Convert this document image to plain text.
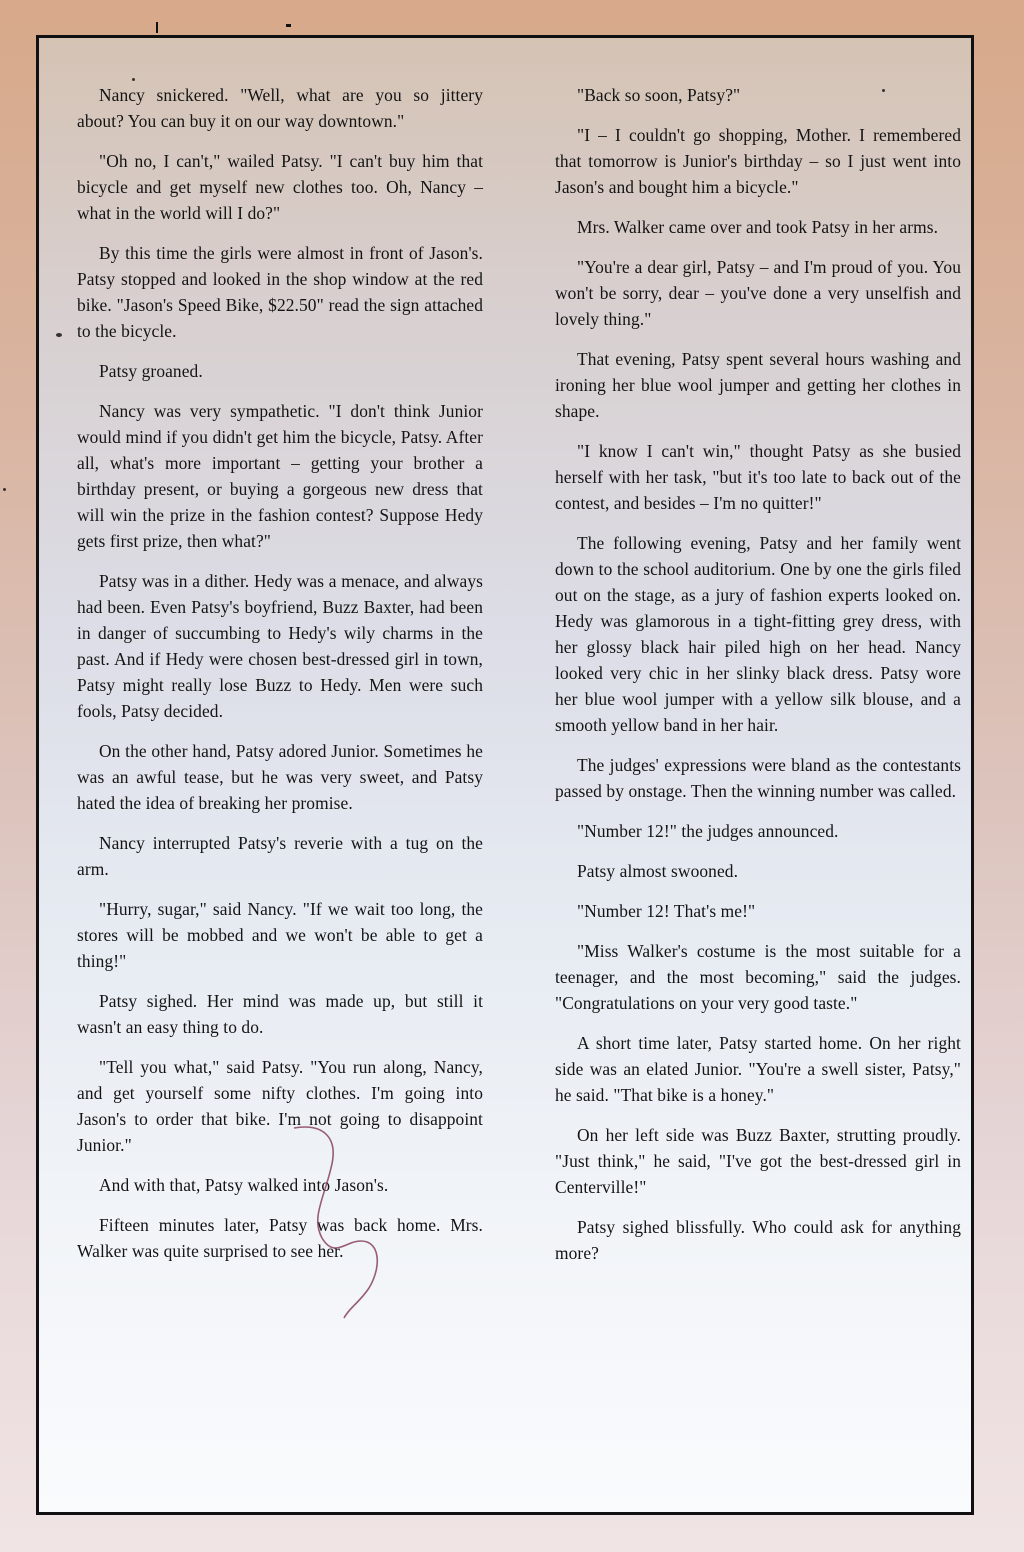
Nancy snickered. "Well, what are you so jittery about? You can buy it on our way downtown."

"Oh no, I can't," wailed Patsy. "I can't buy him that bicycle and get myself new clothes too. Oh, Nancy – what in the world will I do?"

By this time the girls were almost in front of Jason's. Patsy stopped and looked in the shop window at the red bike. "Jason's Speed Bike, $22.50" read the sign attached to the bicycle.

Patsy groaned.

Nancy was very sympathetic. "I don't think Junior would mind if you didn't get him the bicycle, Patsy. After all, what's more important – getting your brother a birthday present, or buying a gorgeous new dress that will win the prize in the fashion contest? Suppose Hedy gets first prize, then what?"

Patsy was in a dither. Hedy was a menace, and always had been. Even Patsy's boyfriend, Buzz Baxter, had been in danger of succumbing to Hedy's wily charms in the past. And if Hedy were chosen best-dressed girl in town, Patsy might really lose Buzz to Hedy. Men were such fools, Patsy decided.

On the other hand, Patsy adored Junior. Sometimes he was an awful tease, but he was very sweet, and Patsy hated the idea of breaking her promise.

Nancy interrupted Patsy's reverie with a tug on the arm.

"Hurry, sugar," said Nancy. "If we wait too long, the stores will be mobbed and we won't be able to get a thing!"

Patsy sighed. Her mind was made up, but still it wasn't an easy thing to do.

"Tell you what," said Patsy. "You run along, Nancy, and get yourself some nifty clothes. I'm going into Jason's to order that bike. I'm not going to disappoint Junior."

And with that, Patsy walked into Jason's.

Fifteen minutes later, Patsy was back home. Mrs. Walker was quite surprised to see her.

"Back so soon, Patsy?"

"I – I couldn't go shopping, Mother. I remembered that tomorrow is Junior's birthday – so I just went into Jason's and bought him a bicycle."

Mrs. Walker came over and took Patsy in her arms.

"You're a dear girl, Patsy – and I'm proud of you. You won't be sorry, dear – you've done a very unselfish and lovely thing."

That evening, Patsy spent several hours washing and ironing her blue wool jumper and getting her clothes in shape.

"I know I can't win," thought Patsy as she busied herself with her task, "but it's too late to back out of the contest, and besides – I'm no quitter!"

The following evening, Patsy and her family went down to the school auditorium. One by one the girls filed out on the stage, as a jury of fashion experts looked on. Hedy was glamorous in a tight-fitting grey dress, with her glossy black hair piled high on her head. Nancy looked very chic in her slinky black dress. Patsy wore her blue wool jumper with a yellow silk blouse, and a smooth yellow band in her hair.

The judges' expressions were bland as the contestants passed by onstage. Then the winning number was called.

"Number 12!" the judges announced.

Patsy almost swooned.

"Number 12! That's me!"

"Miss Walker's costume is the most suitable for a teenager, and the most becoming," said the judges. "Congratulations on your very good taste."

A short time later, Patsy started home. On her right side was an elated Junior. "You're a swell sister, Patsy," he said. "That bike is a honey."

On her left side was Buzz Baxter, strutting proudly. "Just think," he said, "I've got the best-dressed girl in Centerville!"

Patsy sighed blissfully. Who could ask for anything more?
